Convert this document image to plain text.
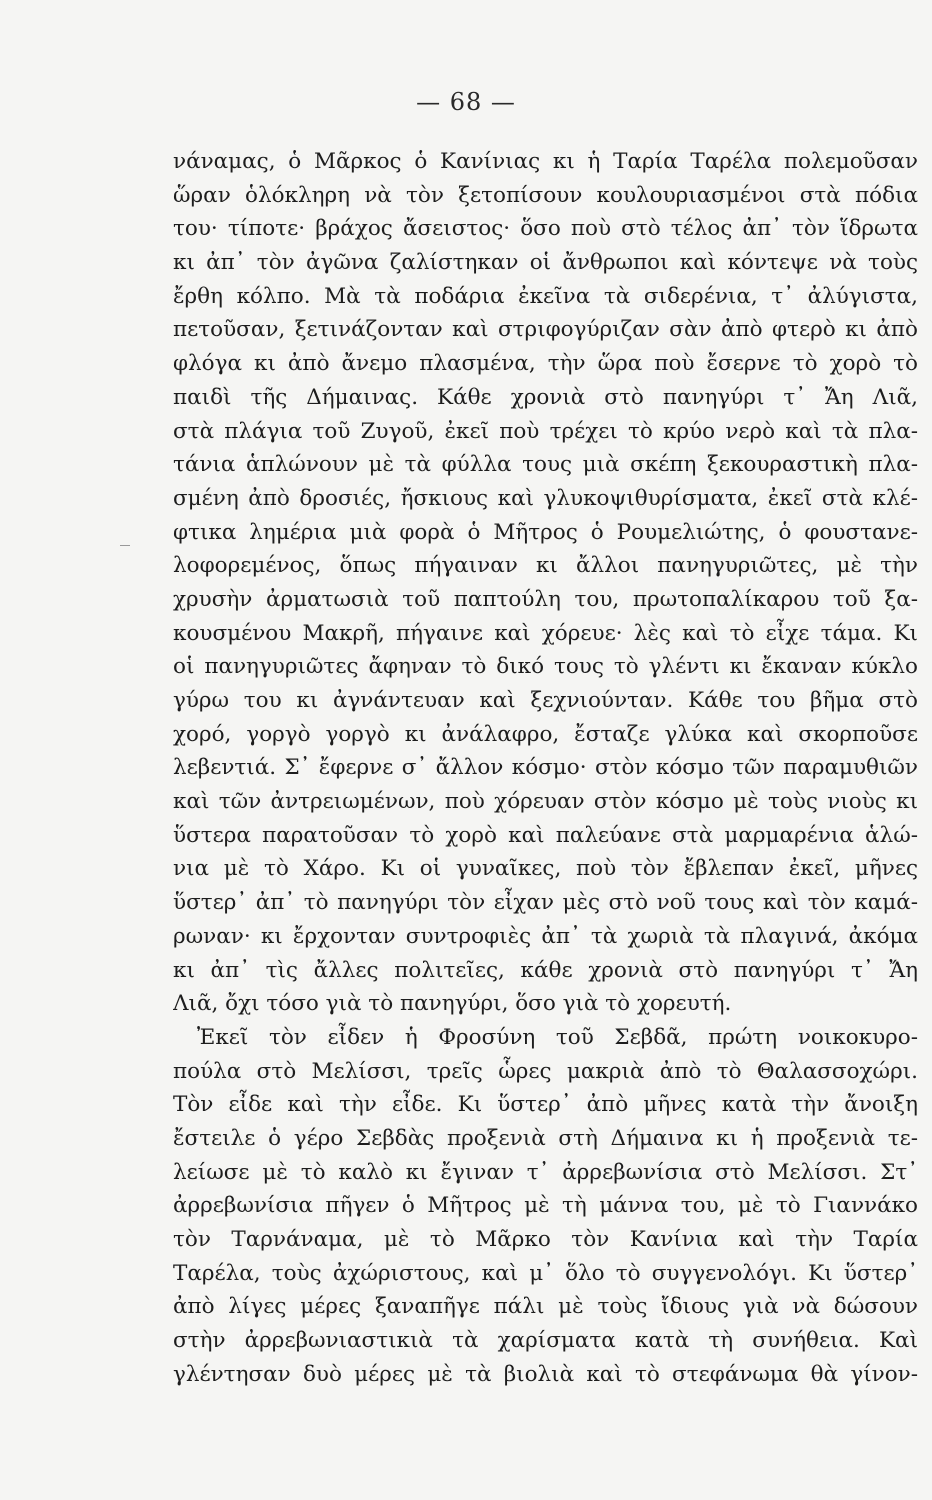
— 68 —
νάναμας, ὁ Μᾶρκος ὁ Κανίνιας κι ἡ Ταρία Ταρέλα πολεμοῦσαν
ὥραν ὁλόκληρη νὰ τὸν ξετοπίσουν κουλουριασμένοι στὰ πόδια
του· τίποτε· βράχος ἄσειστος· ὅσο ποὺ στὸ τέλος ἀπ᾿ τὸν ἵδρωτα
κι ἀπ᾿ τὸν ἀγῶνα ζαλίστηκαν οἱ ἄνθρωποι καὶ κόντεψε νὰ τοὺς
ἔρθη κόλπο. Μὰ τὰ ποδάρια ἐκεῖνα τὰ σιδερένια, τ᾿ ἀλύγιστα,
πετοῦσαν, ξετινάζονταν καὶ στριφογύριζαν σὰν ἀπὸ φτερὸ κι ἀπὸ
φλόγα κι ἀπὸ ἄνεμο πλασμένα, τὴν ὥρα ποὺ ἔσερνε τὸ χορὸ τὸ
παιδὶ τῆς Δήμαινας. Κάθε χρονιὰ στὸ πανηγύρι τ᾿ Ἄη Λιᾶ,
στὰ πλάγια τοῦ Ζυγοῦ, ἐκεῖ ποὺ τρέχει τὸ κρύο νερὸ καὶ τὰ πλα-
τάνια ἁπλώνουν μὲ τὰ φύλλα τους μιὰ σκέπη ξεκουραστικὴ πλα-
σμένη ἀπὸ δροσιές, ἤσκιους καὶ γλυκοψιθυρίσματα, ἐκεῖ στὰ κλέ-
φτικα λημέρια μιὰ φορὰ ὁ Μῆτρος ὁ Ρουμελιώτης, ὁ φουστανε-
λοφορεμένος, ὅπως πήγαιναν κι ἄλλοι πανηγυριῶτες, μὲ τὴν
χρυσὴν ἀρματωσιὰ τοῦ παπτούλη του, πρωτοπαλίκαρου τοῦ ξα-
κουσμένου Μακρῆ, πήγαινε καὶ χόρευε· λὲς καὶ τὸ εἶχε τάμα. Κι
οἱ πανηγυριῶτες ἄφηναν τὸ δικό τους τὸ γλέντι κι ἔκαναν κύκλο
γύρω του κι ἀγνάντευαν καὶ ξεχνιούνταν. Κάθε του βῆμα στὸ
χορό, γοργὸ γοργὸ κι ἀνάλαφρο, ἔσταζε γλύκα καὶ σκορποῦσε
λεβεντιά. Σ᾿ ἔφερνε σ᾿ ἄλλον κόσμο· στὸν κόσμο τῶν παραμυθιῶν
καὶ τῶν ἀντρειωμένων, ποὺ χόρευαν στὸν κόσμο μὲ τοὺς νιοὺς κι
ὕστερα παρατοῦσαν τὸ χορὸ καὶ παλεύανε στὰ μαρμαρένια ἁλώ-
νια μὲ τὸ Χάρο. Κι οἱ γυναῖκες, ποὺ τὸν ἔβλεπαν ἐκεῖ, μῆνες
ὕστερ᾿ ἀπ᾿ τὸ πανηγύρι τὸν εἶχαν μὲς στὸ νοῦ τους καὶ τὸν καμά-
ρωναν· κι ἔρχονταν συντροφιὲς ἀπ᾿ τὰ χωριὰ τὰ πλαγινά, ἀκόμα
κι ἀπ᾿ τὶς ἄλλες πολιτεῖες, κάθε χρονιὰ στὸ πανηγύρι τ᾿ Ἄη
Λιᾶ, ὄχι τόσο γιὰ τὸ πανηγύρι, ὅσο γιὰ τὸ χορευτή.
Ἐκεῖ τὸν εἶδεν ἡ Φροσύνη τοῦ Σεβδᾶ, πρώτη νοικοκυρο-
πούλα στὸ Μελίσσι, τρεῖς ὧρες μακριὰ ἀπὸ τὸ Θαλασσοχώρι.
Τὸν εἶδε καὶ τὴν εἶδε. Κι ὕστερ᾿ ἀπὸ μῆνες κατὰ τὴν ἄνοιξη
ἔστειλε ὁ γέρο Σεβδὰς προξενιὰ στὴ Δήμαινα κι ἡ προξενιὰ τε-
λείωσε μὲ τὸ καλὸ κι ἔγιναν τ᾿ ἀρρεβωνίσια στὸ Μελίσσι. Στ᾿
ἀρρεβωνίσια πῆγεν ὁ Μῆτρος μὲ τὴ μάννα του, μὲ τὸ Γιαννάκο
τὸν Ταρνάναμα, μὲ τὸ Μᾶρκο τὸν Κανίνια καὶ τὴν Ταρία
Ταρέλα, τοὺς ἀχώριστους, καὶ μ᾿ ὅλο τὸ συγγενολόγι. Κι ὕστερ᾿
ἀπὸ λίγες μέρες ξαναπῆγε πάλι μὲ τοὺς ἴδιους γιὰ νὰ δώσουν
στὴν ἀρρεβωνιαστικιὰ τὰ χαρίσματα κατὰ τὴ συνήθεια. Καὶ
γλέντησαν δυὸ μέρες μὲ τὰ βιολιὰ καὶ τὸ στεφάνωμα θὰ γίνον-
